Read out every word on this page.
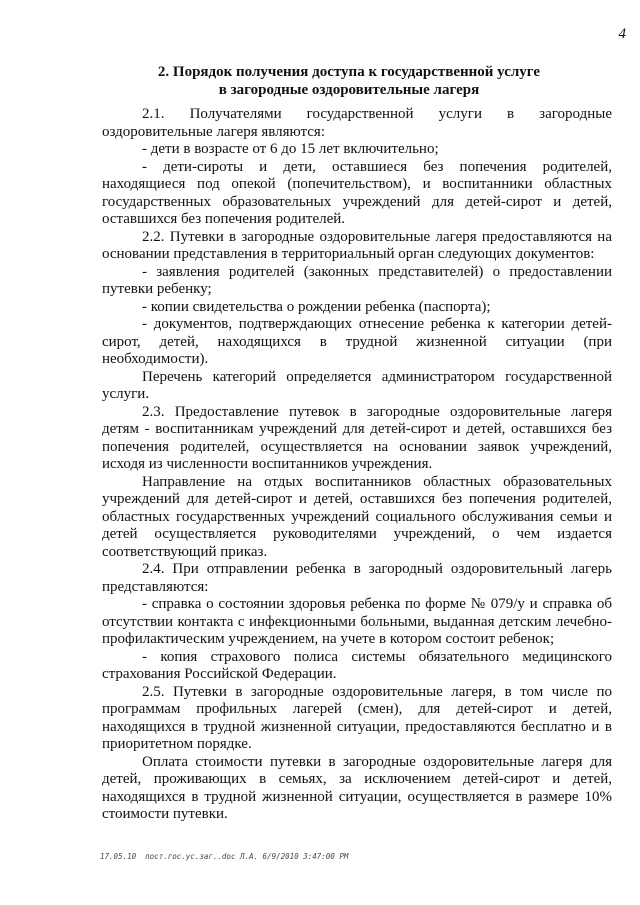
4
2. Порядок получения доступа к государственной услуге
в загородные оздоровительные лагеря

2.1. Получателями государственной услуги в загородные оздоровительные лагеря являются:

- дети в возрасте от 6 до 15 лет включительно;

- дети-сироты и дети, оставшиеся без попечения родителей, находящиеся под опекой (попечительством), и воспитанники областных государственных образовательных учреждений для детей-сирот и детей, оставшихся без попечения родителей.

2.2. Путевки в загородные оздоровительные лагеря предоставляются на основании представления в территориальный орган следующих документов:

- заявления родителей (законных представителей) о предоставлении путевки ребенку;

- копии свидетельства о рождении ребенка (паспорта);

- документов, подтверждающих отнесение ребенка к категории детей-сирот, детей, находящихся в трудной жизненной ситуации (при необходимости).

Перечень категорий определяется администратором государственной услуги.

2.3. Предоставление путевок в загородные оздоровительные лагеря детям - воспитанникам учреждений для детей-сирот и детей, оставшихся без попечения родителей, осуществляется на основании заявок учреждений, исходя из численности воспитанников учреждения.

Направление на отдых воспитанников областных образовательных учреждений для детей-сирот и детей, оставшихся без попечения родителей, областных государственных учреждений социального обслуживания семьи и детей осуществляется руководителями учреждений, о чем издается соответствующий приказ.

2.4. При отправлении ребенка в загородный оздоровительный лагерь представляются:

- справка о состоянии здоровья ребенка по форме № 079/у и справка об отсутствии контакта с инфекционными больными, выданная детским лечебно-профилактическим учреждением, на учете в котором состоит ребенок;

- копия страхового полиса системы обязательного медицинского страхования Российской Федерации.

2.5. Путевки в загородные оздоровительные лагеря, в том числе по программам профильных лагерей (смен), для детей-сирот и детей, находящихся в трудной жизненной ситуации, предоставляются бесплатно и в приоритетном порядке.

Оплата стоимости путевки в загородные оздоровительные лагеря для детей, проживающих в семьях, за исключением детей-сирот и детей, находящихся в трудной жизненной ситуации, осуществляется в размере 10% стоимости путевки.

17.05.10  пост.гос.ус.заг..doc Л.А. 6/9/2010 3:47:00 PM
